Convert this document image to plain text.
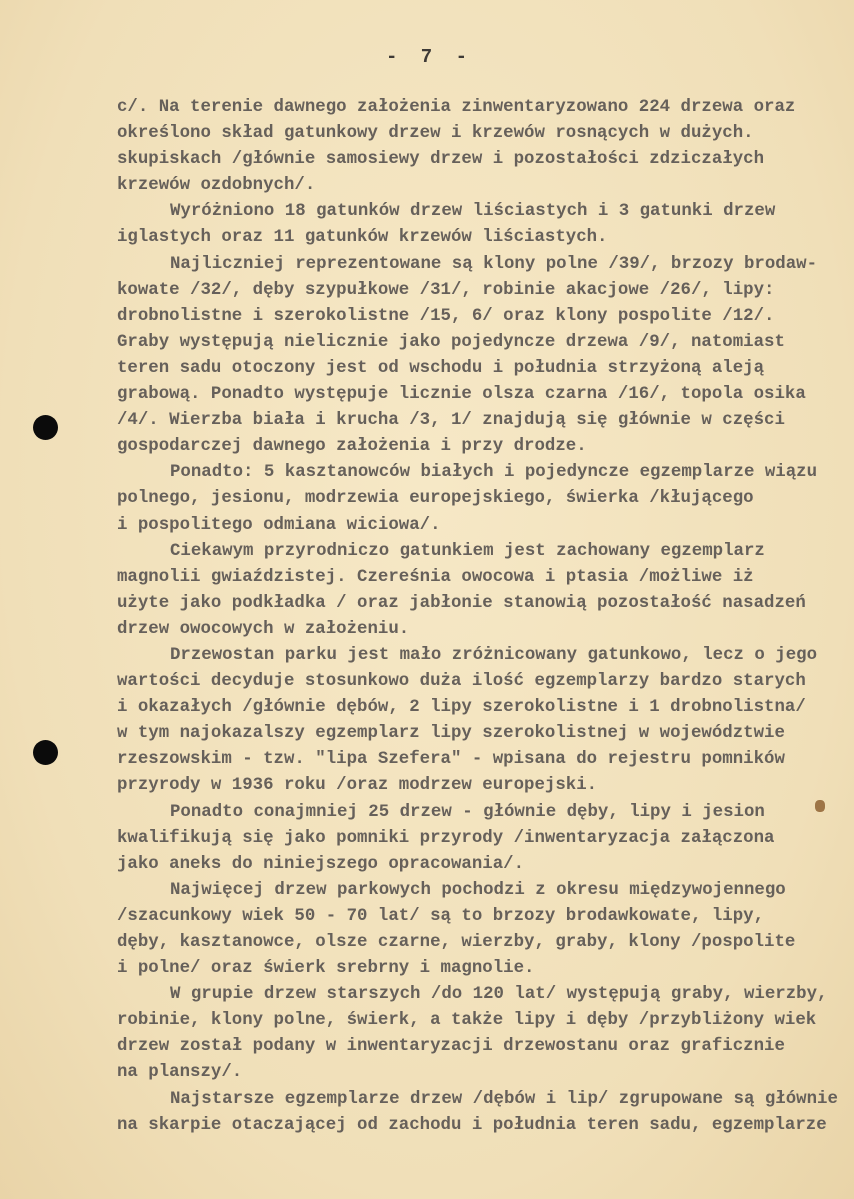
- 7 -
c/. Na terenie dawnego założenia zinwentaryzowano 224 drzewa oraz
określono skład gatunkowy drzew i krzewów rosnących w dużych.
skupiskach /głównie samosiewy drzew i pozostałości zdziczałych
krzewów ozdobnych/.
Wyróżniono 18 gatunków drzew liściastych i 3 gatunki drzew
iglastych oraz 11 gatunków krzewów liściastych.
Najliczniej reprezentowane są klony polne /39/, brzozy brodaw-
kowate /32/, dęby szypułkowe /31/, robinie akacjowe /26/, lipy:
drobnolistne i szerokolistne /15, 6/ oraz klony pospolite /12/.
Graby występują nielicznie jako pojedyncze drzewa /9/, natomiast
teren sadu otoczony jest od wschodu i południa strzyżoną aleją
grabową. Ponadto występuje licznie olsza czarna /16/, topola osika
/4/. Wierzba biała i krucha /3, 1/ znajdują się głównie w części
gospodarczej dawnego założenia i przy drodze.
Ponadto: 5 kasztanowców białych i pojedyncze egzemplarze wiązu
polnego, jesionu, modrzewia europejskiego, świerka /kłującego
i pospolitego odmiana wiciowa/.
Ciekawym przyrodniczo gatunkiem jest zachowany egzemplarz
magnolii gwiaździstej. Czereśnia owocowa i ptasia /możliwe iż
użyte jako podkładka / oraz jabłonie stanowią pozostałość nasadzeń
drzew owocowych w założeniu.
Drzewostan parku jest mało zróżnicowany gatunkowo, lecz o jego
wartości decyduje stosunkowo duża ilość egzemplarzy bardzo starych
i okazałych /głównie dębów, 2 lipy szerokolistne i 1 drobnolistna/
w tym najokazalszy egzemplarz lipy szerokolistnej w województwie
rzeszowskim - tzw. "lipa Szefera" - wpisana do rejestru pomników
przyrody w 1936 roku /oraz modrzew europejski.
Ponadto conajmniej 25 drzew - głównie dęby, lipy i jesion
kwalifikują się jako pomniki przyrody /inwentaryzacja załączona
jako aneks do niniejszego opracowania/.
Najwięcej drzew parkowych pochodzi z okresu międzywojennego
/szacunkowy wiek 50 - 70 lat/ są to brzozy brodawkowate, lipy,
dęby, kasztanowce, olsze czarne, wierzby, graby, klony /pospolite
i polne/ oraz świerk srebrny i magnolie.
W grupie drzew starszych /do 120 lat/ występują graby, wierzby,
robinie, klony polne, świerk, a także lipy i dęby /przybliżony wiek
drzew został podany w inwentaryzacji drzewostanu oraz graficznie
na planszy/.
Najstarsze egzemplarze drzew /dębów i lip/ zgrupowane są głównie
na skarpie otaczającej od zachodu i południa teren sadu, egzemplarze
